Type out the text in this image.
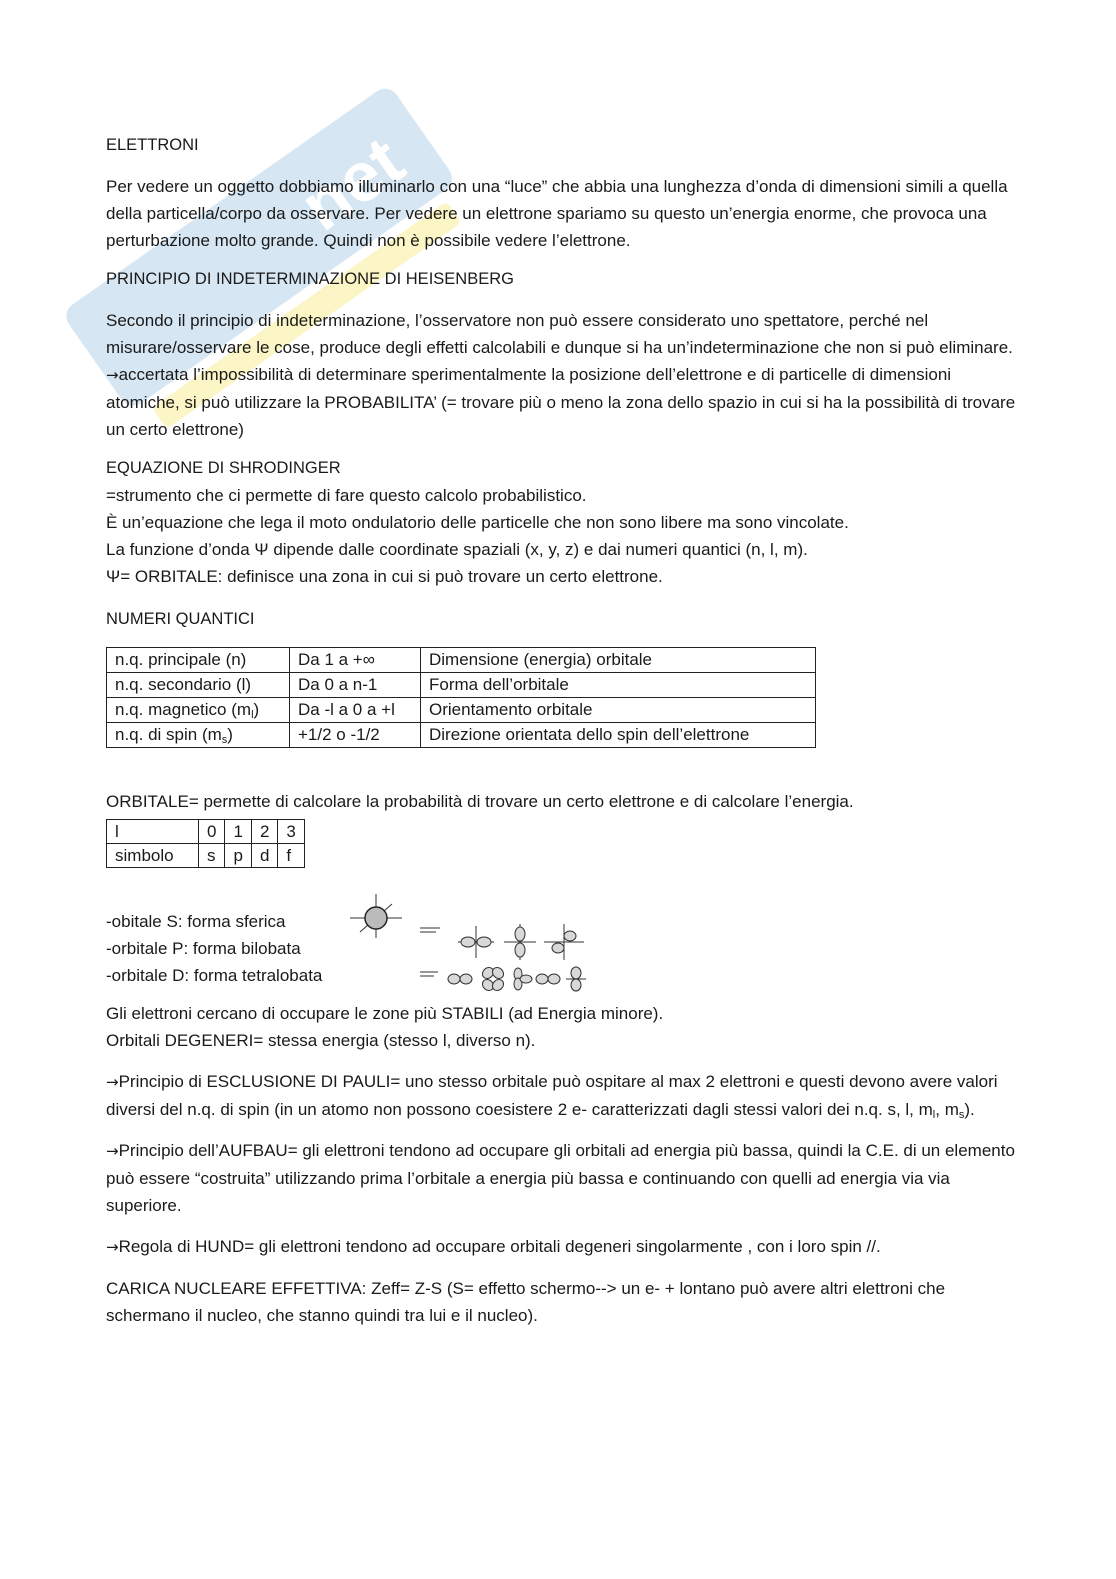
net

ELETTRONI

Per vedere un oggetto dobbiamo illuminarlo con una “luce” che abbia una lunghezza d’onda di dimensioni simili a quella della particella/corpo da osservare. Per vedere un elettrone spariamo su questo un’energia enorme, che provoca una perturbazione molto grande. Quindi non è possibile vedere l’elettrone.

PRINCIPIO DI INDETERMINAZIONE DI HEISENBERG

Secondo il principio di indeterminazione, l’osservatore non può essere considerato uno spettatore, perché nel misurare/osservare le cose, produce degli effetti calcolabili e dunque si ha un’indeterminazione che non si può eliminare.

→accertata l’impossibilità di determinare sperimentalmente la posizione dell’elettrone e di particelle di dimensioni atomiche, si può utilizzare la PROBABILITA’ (= trovare più o meno la zona dello spazio in cui si ha la possibilità di trovare un certo elettrone)

EQUAZIONE DI SHRODINGER

=strumento che ci permette di fare questo calcolo probabilistico.

È un’equazione che lega il moto ondulatorio delle particelle che non sono libere ma sono vincolate.

La funzione d’onda Ψ dipende dalle coordinate spaziali (x, y, z) e dai numeri quantici (n, l, m).

Ψ= ORBITALE: definisce una zona in cui si può trovare un certo elettrone.

NUMERI QUANTICI

n.q. principale (n)	Da 1 a +∞	Dimensione (energia) orbitale
n.q. secondario (l)	Da 0 a n-1	Forma dell’orbitale
n.q. magnetico $(m_l)$	Da -l a 0 a +l	Orientamento orbitale
n.q. di spin $(m_s)$	+1/2 o -1/2	Direzione orientata dello spin dell’elettrone

ORBITALE= permette di calcolare la probabilità di trovare un certo elettrone e di calcolare l’energia.

l	0	1	2	3
simbolo	s	p	d	f
-obitale S: forma sferica
-orbitale P: forma bilobata
-orbitale D: forma tetralobata

Gli elettroni cercano di occupare le zone più STABILI (ad Energia minore).

Orbitali DEGENERI= stessa energia (stesso l, diverso n).

→Principio di ESCLUSIONE DI PAULI= uno stesso orbitale può ospitare al max 2 elettroni e questi devono avere valori diversi del n.q. di spin (in un atomo non possono coesistere 2 e- caratterizzati dagli stessi valori dei n.q. s, l, $m_l$, $m_s$).

→Principio dell’AUFBAU= gli elettroni tendono ad occupare gli orbitali ad energia più bassa, quindi la C.E. di un elemento può essere “costruita” utilizzando prima l’orbitale a energia più bassa e continuando con quelli ad energia via via superiore.

→Regola di HUND= gli elettroni tendono ad occupare orbitali degeneri singolarmente , con i loro spin //.

CARICA NUCLEARE EFFETTIVA: Zeff= Z-S (S= effetto schermo--> un e- + lontano può avere altri elettroni che schermano il nucleo, che stanno quindi tra lui e il nucleo).
